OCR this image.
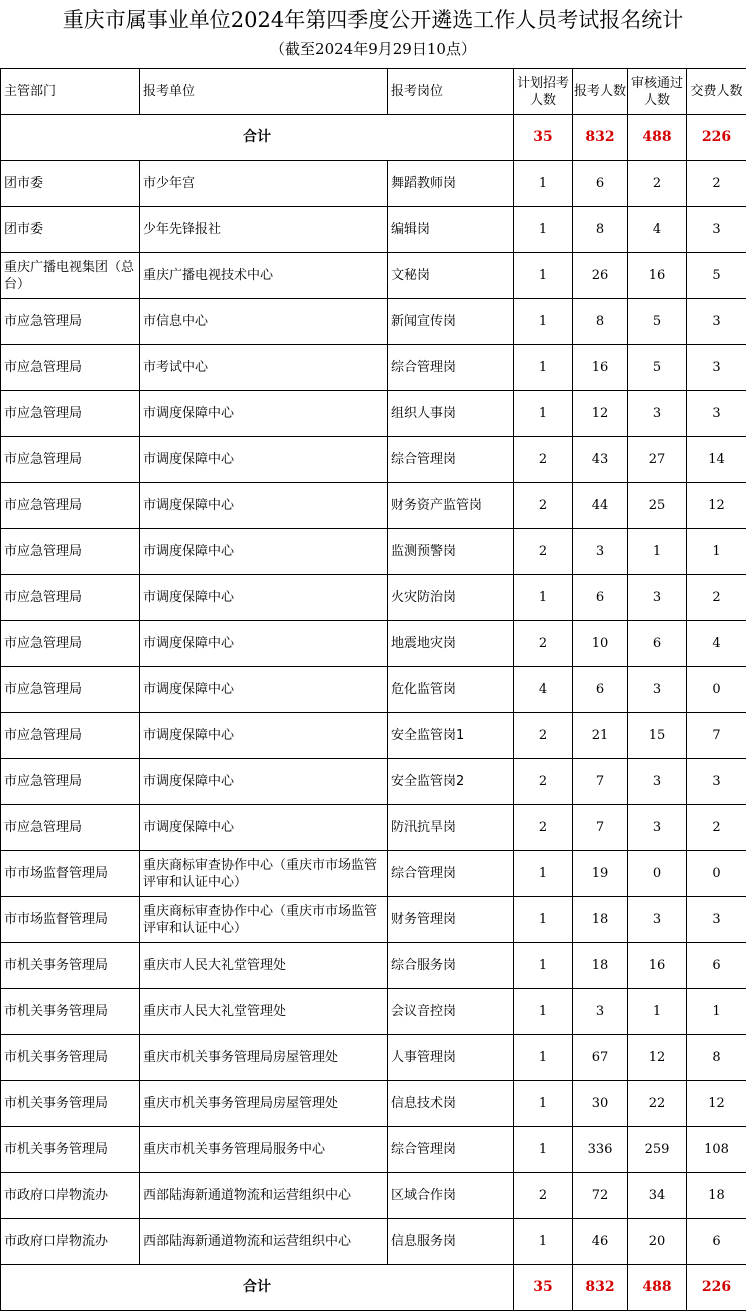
重庆市属事业单位2024年第四季度公开遴选工作人员考试报名统计
（截至2024年9月29日10点）
主管部门	报考单位	报考岗位	计划招考人数	报考人数	审核通过人数	交费人数
合计			35	832	488	226
团市委	市少年宫	舞蹈教师岗	1	6	2	2
团市委	少年先锋报社	编辑岗	1	8	4	3
重庆广播电视集团（总台）	重庆广播电视技术中心	文秘岗	1	26	16	5
市应急管理局	市信息中心	新闻宣传岗	1	8	5	3
市应急管理局	市考试中心	综合管理岗	1	16	5	3
市应急管理局	市调度保障中心	组织人事岗	1	12	3	3
市应急管理局	市调度保障中心	综合管理岗	2	43	27	14
市应急管理局	市调度保障中心	财务资产监管岗	2	44	25	12
市应急管理局	市调度保障中心	监测预警岗	2	3	1	1
市应急管理局	市调度保障中心	火灾防治岗	1	6	3	2
市应急管理局	市调度保障中心	地震地灾岗	2	10	6	4
市应急管理局	市调度保障中心	危化监管岗	4	6	3	0
市应急管理局	市调度保障中心	安全监管岗1	2	21	15	7
市应急管理局	市调度保障中心	安全监管岗2	2	7	3	3
市应急管理局	市调度保障中心	防汛抗旱岗	2	7	3	2
市市场监督管理局	重庆商标审查协作中心（重庆市市场监管评审和认证中心）	综合管理岗	1	19	0	0
市市场监督管理局	重庆商标审查协作中心（重庆市市场监管评审和认证中心）	财务管理岗	1	18	3	3
市机关事务管理局	重庆市人民大礼堂管理处	综合服务岗	1	18	16	6
市机关事务管理局	重庆市人民大礼堂管理处	会议音控岗	1	3	1	1
市机关事务管理局	重庆市机关事务管理局房屋管理处	人事管理岗	1	67	12	8
市机关事务管理局	重庆市机关事务管理局房屋管理处	信息技术岗	1	30	22	12
市机关事务管理局	重庆市机关事务管理局服务中心	综合管理岗	1	336	259	108
市政府口岸物流办	西部陆海新通道物流和运营组织中心	区域合作岗	2	72	34	18
市政府口岸物流办	西部陆海新通道物流和运营组织中心	信息服务岗	1	46	20	6
合计			35	832	488	226
